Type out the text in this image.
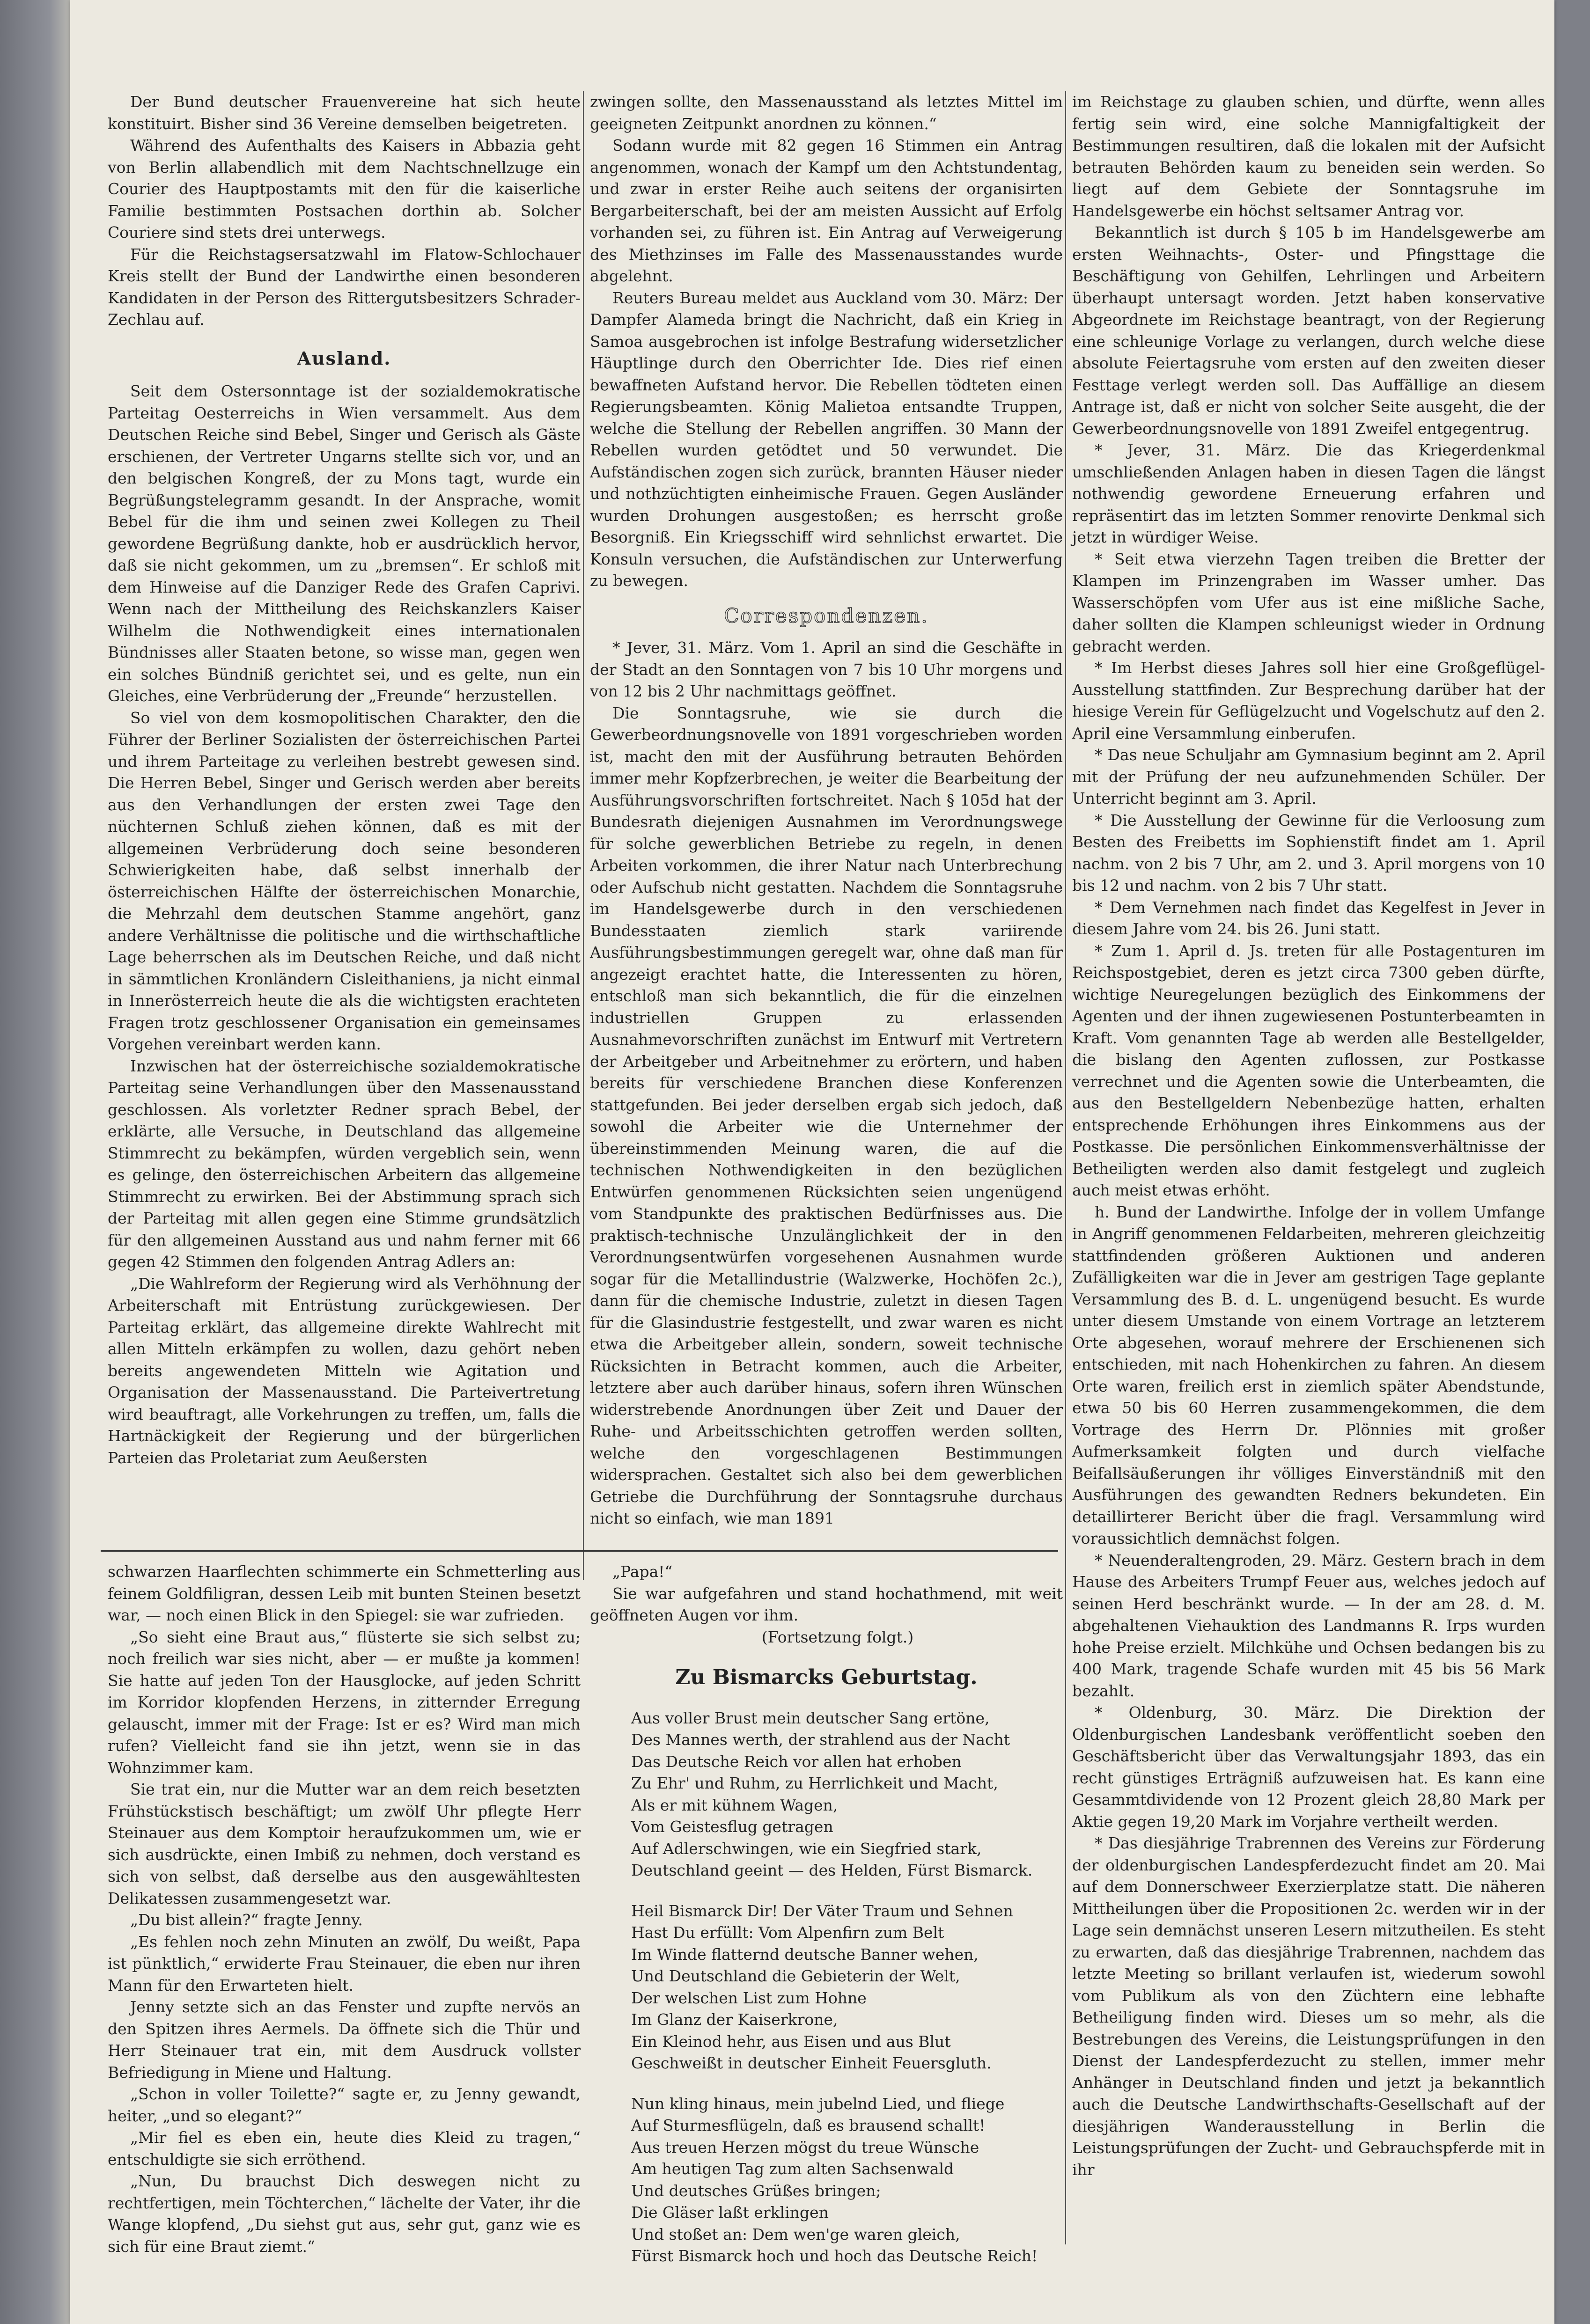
Der Bund deutscher Frauenvereine hat sich heute konstituirt. Bisher sind 36 Vereine demselben beigetreten.

Während des Aufenthalts des Kaisers in Abbazia geht von Berlin allabendlich mit dem Nachtschnellzuge ein Courier des Hauptpostamts mit den für die kaiserliche Familie bestimmten Postsachen dorthin ab. Solcher Couriere sind stets drei unterwegs.

Für die Reichstagsersatzwahl im Flatow-Schlochauer Kreis stellt der Bund der Landwirthe einen besonderen Kandidaten in der Person des Rittergutsbesitzers Schrader-Zechlau auf.

Ausland.

Seit dem Ostersonntage ist der sozialdemokratische Parteitag Oesterreichs in Wien versammelt. Aus dem Deutschen Reiche sind Bebel, Singer und Gerisch als Gäste erschienen, der Vertreter Ungarns stellte sich vor, und an den belgischen Kongreß, der zu Mons tagt, wurde ein Begrüßungstelegramm gesandt. In der Ansprache, womit Bebel für die ihm und seinen zwei Kollegen zu Theil gewordene Begrüßung dankte, hob er ausdrücklich hervor, daß sie nicht gekommen, um zu „bremsen“. Er schloß mit dem Hinweise auf die Danziger Rede des Grafen Caprivi. Wenn nach der Mittheilung des Reichskanzlers Kaiser Wilhelm die Nothwendigkeit eines internationalen Bündnisses aller Staaten betone, so wisse man, gegen wen ein solches Bündniß gerichtet sei, und es gelte, nun ein Gleiches, eine Verbrüderung der „Freunde“ herzustellen.

So viel von dem kosmopolitischen Charakter, den die Führer der Berliner Sozialisten der österreichischen Partei und ihrem Parteitage zu verleihen bestrebt gewesen sind. Die Herren Bebel, Singer und Gerisch werden aber bereits aus den Verhandlungen der ersten zwei Tage den nüchternen Schluß ziehen können, daß es mit der allgemeinen Verbrüderung doch seine besonderen Schwierigkeiten habe, daß selbst innerhalb der österreichischen Hälfte der österreichischen Monarchie, die Mehrzahl dem deutschen Stamme angehört, ganz andere Verhältnisse die politische und die wirthschaftliche Lage beherrschen als im Deutschen Reiche, und daß nicht in sämmtlichen Kronländern Cisleithaniens, ja nicht einmal in Innerösterreich heute die als die wichtigsten erachteten Fragen trotz geschlossener Organisation ein gemeinsames Vorgehen vereinbart werden kann.

Inzwischen hat der österreichische sozialdemokratische Parteitag seine Verhandlungen über den Massenausstand geschlossen. Als vorletzter Redner sprach Bebel, der erklärte, alle Versuche, in Deutschland das allgemeine Stimmrecht zu bekämpfen, würden vergeblich sein, wenn es gelinge, den österreichischen Arbeitern das allgemeine Stimmrecht zu erwirken. Bei der Abstimmung sprach sich der Parteitag mit allen gegen eine Stimme grundsätzlich für den allgemeinen Ausstand aus und nahm ferner mit 66 gegen 42 Stimmen den folgenden Antrag Adlers an:

„Die Wahlreform der Regierung wird als Verhöhnung der Arbeiterschaft mit Entrüstung zurückgewiesen. Der Parteitag erklärt, das allgemeine direkte Wahlrecht mit allen Mitteln erkämpfen zu wollen, dazu gehört neben bereits angewendeten Mitteln wie Agitation und Organisation der Massenausstand. Die Parteivertretung wird beauftragt, alle Vorkehrungen zu treffen, um, falls die Hartnäckigkeit der Regierung und der bürgerlichen Parteien das Proletariat zum Aeußersten

zwingen sollte, den Massenausstand als letztes Mittel im geeigneten Zeitpunkt anordnen zu können.“

Sodann wurde mit 82 gegen 16 Stimmen ein Antrag angenommen, wonach der Kampf um den Achtstundentag, und zwar in erster Reihe auch seitens der organisirten Bergarbeiterschaft, bei der am meisten Aussicht auf Erfolg vorhanden sei, zu führen ist. Ein Antrag auf Verweigerung des Miethzinses im Falle des Massenausstandes wurde abgelehnt.

Reuters Bureau meldet aus Auckland vom 30. März: Der Dampfer Alameda bringt die Nachricht, daß ein Krieg in Samoa ausgebrochen ist infolge Bestrafung widersetzlicher Häuptlinge durch den Oberrichter Ide. Dies rief einen bewaffneten Aufstand hervor. Die Rebellen tödteten einen Regierungsbeamten. König Malietoa entsandte Truppen, welche die Stellung der Rebellen angriffen. 30 Mann der Rebellen wurden getödtet und 50 verwundet. Die Aufständischen zogen sich zurück, brannten Häuser nieder und nothzüchtigten einheimische Frauen. Gegen Ausländer wurden Drohungen ausgestoßen; es herrscht große Besorgniß. Ein Kriegsschiff wird sehnlichst erwartet. Die Konsuln versuchen, die Aufständischen zur Unterwerfung zu bewegen.

Correspondenzen.

* Jever, 31. März. Vom 1. April an sind die Geschäfte in der Stadt an den Sonntagen von 7 bis 10 Uhr morgens und von 12 bis 2 Uhr nachmittags geöffnet.

Die Sonntagsruhe, wie sie durch die Gewerbeordnungsnovelle von 1891 vorgeschrieben worden ist, macht den mit der Ausführung betrauten Behörden immer mehr Kopfzerbrechen, je weiter die Bearbeitung der Ausführungsvorschriften fortschreitet. Nach § 105d hat der Bundesrath diejenigen Ausnahmen im Verordnungswege für solche gewerblichen Betriebe zu regeln, in denen Arbeiten vorkommen, die ihrer Natur nach Unterbrechung oder Aufschub nicht gestatten. Nachdem die Sonntagsruhe im Handelsgewerbe durch in den verschiedenen Bundesstaaten ziemlich stark variirende Ausführungsbestimmungen geregelt war, ohne daß man für angezeigt erachtet hatte, die Interessenten zu hören, entschloß man sich bekanntlich, die für die einzelnen industriellen Gruppen zu erlassenden Ausnahmevorschriften zunächst im Entwurf mit Vertretern der Arbeitgeber und Arbeitnehmer zu erörtern, und haben bereits für verschiedene Branchen diese Konferenzen stattgefunden. Bei jeder derselben ergab sich jedoch, daß sowohl die Arbeiter wie die Unternehmer der übereinstimmenden Meinung waren, die auf die technischen Nothwendigkeiten in den bezüglichen Entwürfen genommenen Rücksichten seien ungenügend vom Standpunkte des praktischen Bedürfnisses aus. Die praktisch-technische Unzulänglichkeit der in den Verordnungsentwürfen vorgesehenen Ausnahmen wurde sogar für die Metallindustrie (Walzwerke, Hochöfen 2c.), dann für die chemische Industrie, zuletzt in diesen Tagen für die Glasindustrie festgestellt, und zwar waren es nicht etwa die Arbeitgeber allein, sondern, soweit technische Rücksichten in Betracht kommen, auch die Arbeiter, letztere aber auch darüber hinaus, sofern ihren Wünschen widerstrebende Anordnungen über Zeit und Dauer der Ruhe- und Arbeitsschichten getroffen werden sollten, welche den vorgeschlagenen Bestimmungen widersprachen. Gestaltet sich also bei dem gewerblichen Getriebe die Durchführung der Sonntagsruhe durchaus nicht so einfach, wie man 1891

schwarzen Haarflechten schimmerte ein Schmetterling aus feinem Goldfiligran, dessen Leib mit bunten Steinen besetzt war, — noch einen Blick in den Spiegel: sie war zufrieden.

„So sieht eine Braut aus,“ flüsterte sie sich selbst zu; noch freilich war sies nicht, aber — er mußte ja kommen! Sie hatte auf jeden Ton der Hausglocke, auf jeden Schritt im Korridor klopfenden Herzens, in zitternder Erregung gelauscht, immer mit der Frage: Ist er es? Wird man mich rufen? Vielleicht fand sie ihn jetzt, wenn sie in das Wohnzimmer kam.

Sie trat ein, nur die Mutter war an dem reich besetzten Frühstückstisch beschäftigt; um zwölf Uhr pflegte Herr Steinauer aus dem Komptoir heraufzukommen um, wie er sich ausdrückte, einen Imbiß zu nehmen, doch verstand es sich von selbst, daß derselbe aus den ausgewähltesten Delikatessen zusammengesetzt war.

„Du bist allein?“ fragte Jenny.

„Es fehlen noch zehn Minuten an zwölf, Du weißt, Papa ist pünktlich,“ erwiderte Frau Steinauer, die eben nur ihren Mann für den Erwarteten hielt.

Jenny setzte sich an das Fenster und zupfte nervös an den Spitzen ihres Aermels. Da öffnete sich die Thür und Herr Steinauer trat ein, mit dem Ausdruck vollster Befriedigung in Miene und Haltung.

„Schon in voller Toilette?“ sagte er, zu Jenny gewandt, heiter, „und so elegant?“

„Mir fiel es eben ein, heute dies Kleid zu tragen,“ entschuldigte sie sich erröthend.

„Nun, Du brauchst Dich deswegen nicht zu rechtfertigen, mein Töchterchen,“ lächelte der Vater, ihr die Wange klopfend, „Du siehst gut aus, sehr gut, ganz wie es sich für eine Braut ziemt.“

„Papa!“

Sie war aufgefahren und stand hochathmend, mit weit geöffneten Augen vor ihm.

(Fortsetzung folgt.)

Zu Bismarcks Geburtstag.

Aus voller Brust mein deutscher Sang ertöne,

Des Mannes werth, der strahlend aus der Nacht

Das Deutsche Reich vor allen hat erhoben

Zu Ehr' und Ruhm, zu Herrlichkeit und Macht,

Als er mit kühnem Wagen,

Vom Geistesflug getragen

Auf Adlerschwingen, wie ein Siegfried stark,

Deutschland geeint — des Helden, Fürst Bismarck.

Heil Bismarck Dir! Der Väter Traum und Sehnen

Hast Du erfüllt: Vom Alpenfirn zum Belt

Im Winde flatternd deutsche Banner wehen,

Und Deutschland die Gebieterin der Welt,

Der welschen List zum Hohne

Im Glanz der Kaiserkrone,

Ein Kleinod hehr, aus Eisen und aus Blut

Geschweißt in deutscher Einheit Feuersgluth.

Nun kling hinaus, mein jubelnd Lied, und fliege

Auf Sturmesflügeln, daß es brausend schallt!

Aus treuen Herzen mögst du treue Wünsche

Am heutigen Tag zum alten Sachsenwald

Und deutsches Grüßes bringen;

Die Gläser laßt erklingen

Und stoßet an: Dem wen'ge waren gleich,

Fürst Bismarck hoch und hoch das Deutsche Reich!

im Reichstage zu glauben schien, und dürfte, wenn alles fertig sein wird, eine solche Mannigfaltigkeit der Bestimmungen resultiren, daß die lokalen mit der Aufsicht betrauten Behörden kaum zu beneiden sein werden. So liegt auf dem Gebiete der Sonntagsruhe im Handelsgewerbe ein höchst seltsamer Antrag vor.

Bekanntlich ist durch § 105 b im Handelsgewerbe am ersten Weihnachts-, Oster- und Pfingsttage die Beschäftigung von Gehilfen, Lehrlingen und Arbeitern überhaupt untersagt worden. Jetzt haben konservative Abgeordnete im Reichstage beantragt, von der Regierung eine schleunige Vorlage zu verlangen, durch welche diese absolute Feiertagsruhe vom ersten auf den zweiten dieser Festtage verlegt werden soll. Das Auffällige an diesem Antrage ist, daß er nicht von solcher Seite ausgeht, die der Gewerbeordnungsnovelle von 1891 Zweifel entgegentrug.

* Jever, 31. März. Die das Kriegerdenkmal umschließenden Anlagen haben in diesen Tagen die längst nothwendig gewordene Erneuerung erfahren und repräsentirt das im letzten Sommer renovirte Denkmal sich jetzt in würdiger Weise.

* Seit etwa vierzehn Tagen treiben die Bretter der Klampen im Prinzengraben im Wasser umher. Das Wasserschöpfen vom Ufer aus ist eine mißliche Sache, daher sollten die Klampen schleunigst wieder in Ordnung gebracht werden.

* Im Herbst dieses Jahres soll hier eine Großgeflügel-Ausstellung stattfinden. Zur Besprechung darüber hat der hiesige Verein für Geflügelzucht und Vogelschutz auf den 2. April eine Versammlung einberufen.

* Das neue Schuljahr am Gymnasium beginnt am 2. April mit der Prüfung der neu aufzunehmenden Schüler. Der Unterricht beginnt am 3. April.

* Die Ausstellung der Gewinne für die Verloosung zum Besten des Freibetts im Sophienstift findet am 1. April nachm. von 2 bis 7 Uhr, am 2. und 3. April morgens von 10 bis 12 und nachm. von 2 bis 7 Uhr statt.

* Dem Vernehmen nach findet das Kegelfest in Jever in diesem Jahre vom 24. bis 26. Juni statt.

* Zum 1. April d. Js. treten für alle Postagenturen im Reichspostgebiet, deren es jetzt circa 7300 geben dürfte, wichtige Neuregelungen bezüglich des Einkommens der Agenten und der ihnen zugewiesenen Postunterbeamten in Kraft. Vom genannten Tage ab werden alle Bestellgelder, die bislang den Agenten zuflossen, zur Postkasse verrechnet und die Agenten sowie die Unterbeamten, die aus den Bestellgeldern Nebenbezüge hatten, erhalten entsprechende Erhöhungen ihres Einkommens aus der Postkasse. Die persönlichen Einkommensverhältnisse der Betheiligten werden also damit festgelegt und zugleich auch meist etwas erhöht.

h. Bund der Landwirthe. Infolge der in vollem Umfange in Angriff genommenen Feldarbeiten, mehreren gleichzeitig stattfindenden größeren Auktionen und anderen Zufälligkeiten war die in Jever am gestrigen Tage geplante Versammlung des B. d. L. ungenügend besucht. Es wurde unter diesem Umstande von einem Vortrage an letzterem Orte abgesehen, worauf mehrere der Erschienenen sich entschieden, mit nach Hohenkirchen zu fahren. An diesem Orte waren, freilich erst in ziemlich später Abendstunde, etwa 50 bis 60 Herren zusammengekommen, die dem Vortrage des Herrn Dr. Plönnies mit großer Aufmerksamkeit folgten und durch vielfache Beifallsäußerungen ihr völliges Einverständniß mit den Ausführungen des gewandten Redners bekundeten. Ein detaillirterer Bericht über die fragl. Versammlung wird voraussichtlich demnächst folgen.

* Neuenderaltengroden, 29. März. Gestern brach in dem Hause des Arbeiters Trumpf Feuer aus, welches jedoch auf seinen Herd beschränkt wurde. — In der am 28. d. M. abgehaltenen Viehauktion des Landmanns R. Irps wurden hohe Preise erzielt. Milchkühe und Ochsen bedangen bis zu 400 Mark, tragende Schafe wurden mit 45 bis 56 Mark bezahlt.

* Oldenburg, 30. März. Die Direktion der Oldenburgischen Landesbank veröffentlicht soeben den Geschäftsbericht über das Verwaltungsjahr 1893, das ein recht günstiges Erträgniß aufzuweisen hat. Es kann eine Gesammtdividende von 12 Prozent gleich 28,80 Mark per Aktie gegen 19,20 Mark im Vorjahre vertheilt werden.

* Das diesjährige Trabrennen des Vereins zur Förderung der oldenburgischen Landespferdezucht findet am 20. Mai auf dem Donnerschweer Exerzierplatze statt. Die näheren Mittheilungen über die Propositionen 2c. werden wir in der Lage sein demnächst unseren Lesern mitzutheilen. Es steht zu erwarten, daß das diesjährige Trabrennen, nachdem das letzte Meeting so brillant verlaufen ist, wiederum sowohl vom Publikum als von den Züchtern eine lebhafte Betheiligung finden wird. Dieses um so mehr, als die Bestrebungen des Vereins, die Leistungsprüfungen in den Dienst der Landespferdezucht zu stellen, immer mehr Anhänger in Deutschland finden und jetzt ja bekanntlich auch die Deutsche Landwirthschafts-Gesellschaft auf der diesjährigen Wanderausstellung in Berlin die Leistungsprüfungen der Zucht- und Gebrauchspferde mit in ihr
